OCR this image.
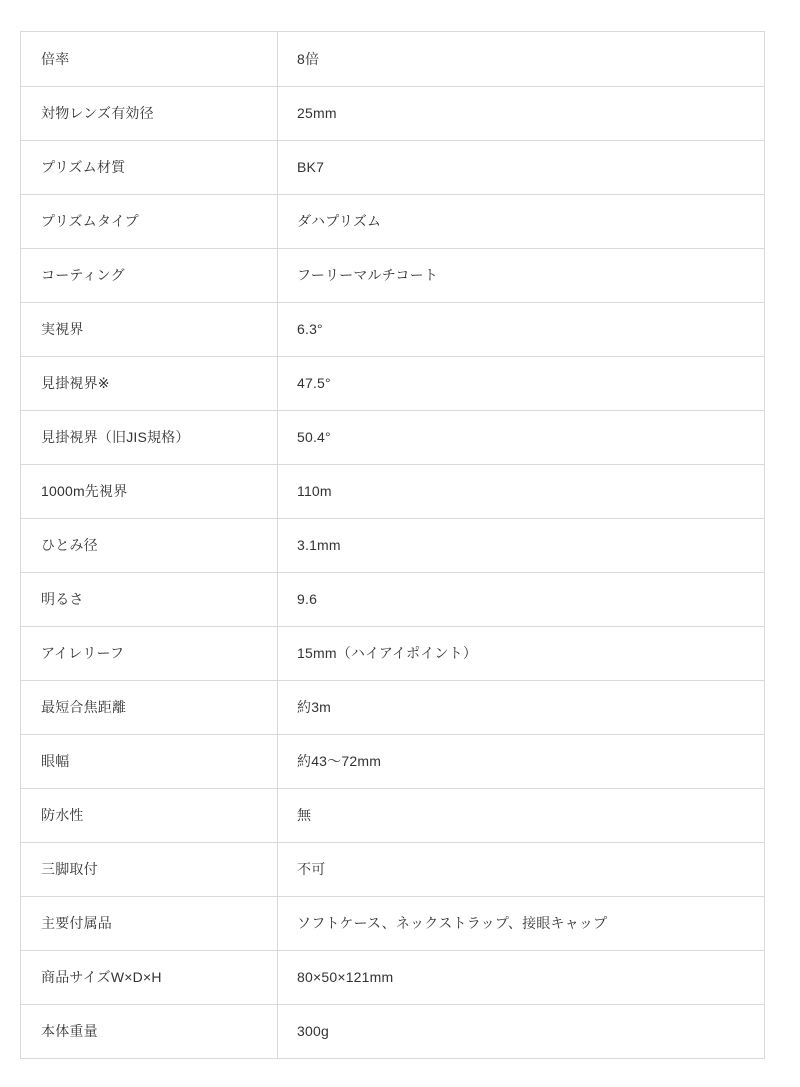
倍率	8倍
対物レンズ有効径	25mm
プリズム材質	BK7
プリズムタイプ	ダハプリズム
コーティング	フーリーマルチコート
実視界	6.3°
見掛視界※	47.5°
見掛視界（旧JIS規格）	50.4°
1000m先視界	110m
ひとみ径	3.1mm
明るさ	9.6
アイレリーフ	15mm（ハイアイポイント）
最短合焦距離	約3m
眼幅	約43〜72mm
防水性	無
三脚取付	不可
主要付属品	ソフトケース、ネックストラップ、接眼キャップ
商品サイズW×D×H	80×50×121mm
本体重量	300g
